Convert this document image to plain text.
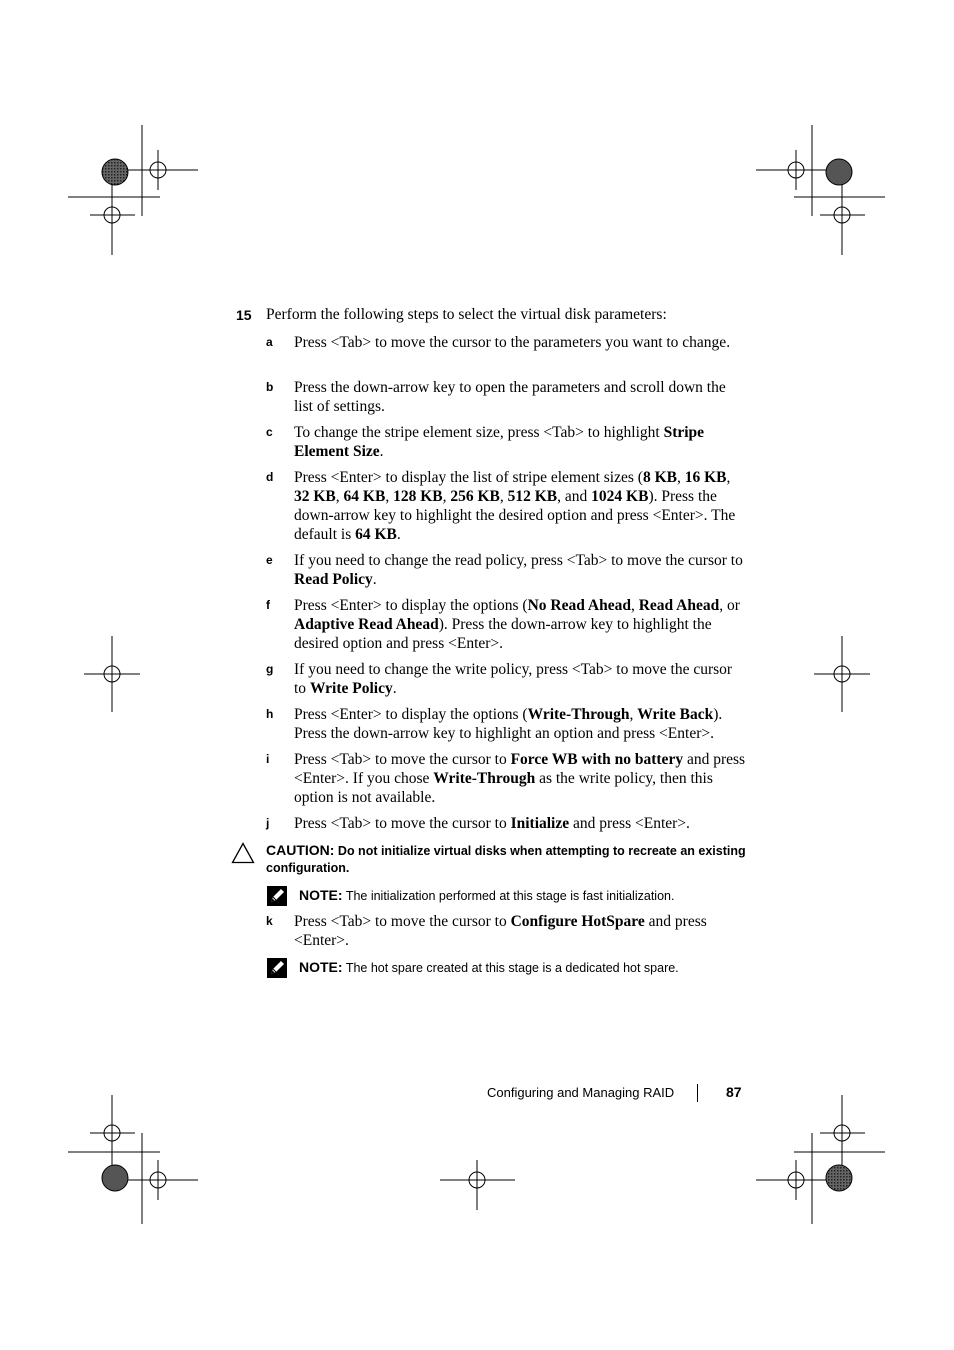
15 Perform the following steps to select the virtual disk parameters:
a Press <Tab> to move the cursor to the parameters you want to change.
b Press the down-arrow key to open the parameters and scroll down the list of settings.
c To change the stripe element size, press <Tab> to highlight Stripe Element Size.
d Press <Enter> to display the list of stripe element sizes (8 KB, 16 KB, 32 KB, 64 KB, 128 KB, 256 KB, 512 KB, and 1024 KB). Press the down-arrow key to highlight the desired option and press <Enter>. The default is 64 KB.
e If you need to change the read policy, press <Tab> to move the cursor to Read Policy.
f Press <Enter> to display the options (No Read Ahead, Read Ahead, or Adaptive Read Ahead). Press the down-arrow key to highlight the desired option and press <Enter>.
g If you need to change the write policy, press <Tab> to move the cursor to Write Policy.
h Press <Enter> to display the options (Write-Through, Write Back). Press the down-arrow key to highlight an option and press <Enter>.
i Press <Tab> to move the cursor to Force WB with no battery and press <Enter>. If you chose Write-Through as the write policy, then this option is not available.
j Press <Tab> to move the cursor to Initialize and press <Enter>.
CAUTION: Do not initialize virtual disks when attempting to recreate an existing configuration.
NOTE: The initialization performed at this stage is fast initialization.
k Press <Tab> to move the cursor to Configure HotSpare and press <Enter>.
NOTE: The hot spare created at this stage is a dedicated hot spare.
Configuring and Managing RAID	87
